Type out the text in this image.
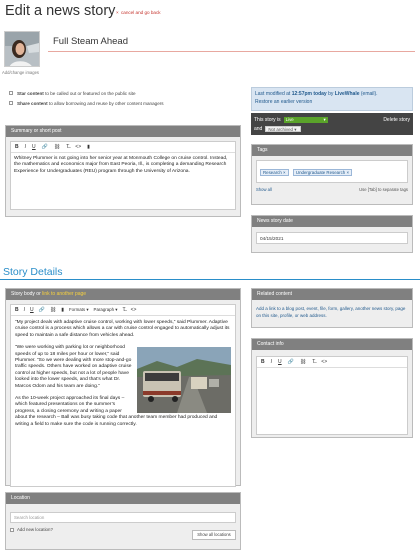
Edit a news story × cancel and go back
Add/change images
Full Steam Ahead
Star content to be called out or featured on the public site
Share content to allow borrowing and reuse by other content managers
Last modified at 12:57pm today by LiveWhale (email).
Restore an earlier version
This story is	Live	▾	Delete story
and	Not archived ▾
Summary or short post
B I U 🔗 ⛓ T̶ <> ▮
Whitney Plummer is not going into her senior year at Monmouth College on cruise control. Instead, the mathematics and economics major from East Peoria, Ill., is completing a demanding Research Experience for Undergraduates (REU) program through the University of Arizona.
Tags
Research × Undergraduate Research ×
Show all	Use [Tab] to separate tags
News story date
04/15/2021
Story Details
Story body or link to another page
B I U 🔗 ⛓ ▮ Formats ▾ Paragraph ▾ T̶ <>

“My project deals with adaptive cruise control, working with lower speeds,” said Plummer. Adaptive cruise control is a process which allows a car with cruise control engaged to automatically adjust its speed to maintain a safe distance from vehicles ahead.

“We were working with parking lot or neighborhood speeds of up to 18 miles per hour or lower,” said Plummer. “So we were dealing with more stop-and-go traffic speeds. Others have worked on adaptive cruise control at higher speeds, but not a lot of people have looked into the lower speeds, and that’s what Dr. Marcos Odom and his team are doing.”

As the 10-week project approached its final days – which featured presentations on the summer’s progress, a closing ceremony and writing a paper about the research – Ball was busy taking code that another team member had produced and writing a field to make sure the code is running correctly.

Related content
Add a link to a blog post, event, file, form, gallery, another news story, page on this site, profile, or web address.
Contact info
B I U 🔗 ⛓ T̶ <>
Location
Search location
Add new location?
Show all locations
